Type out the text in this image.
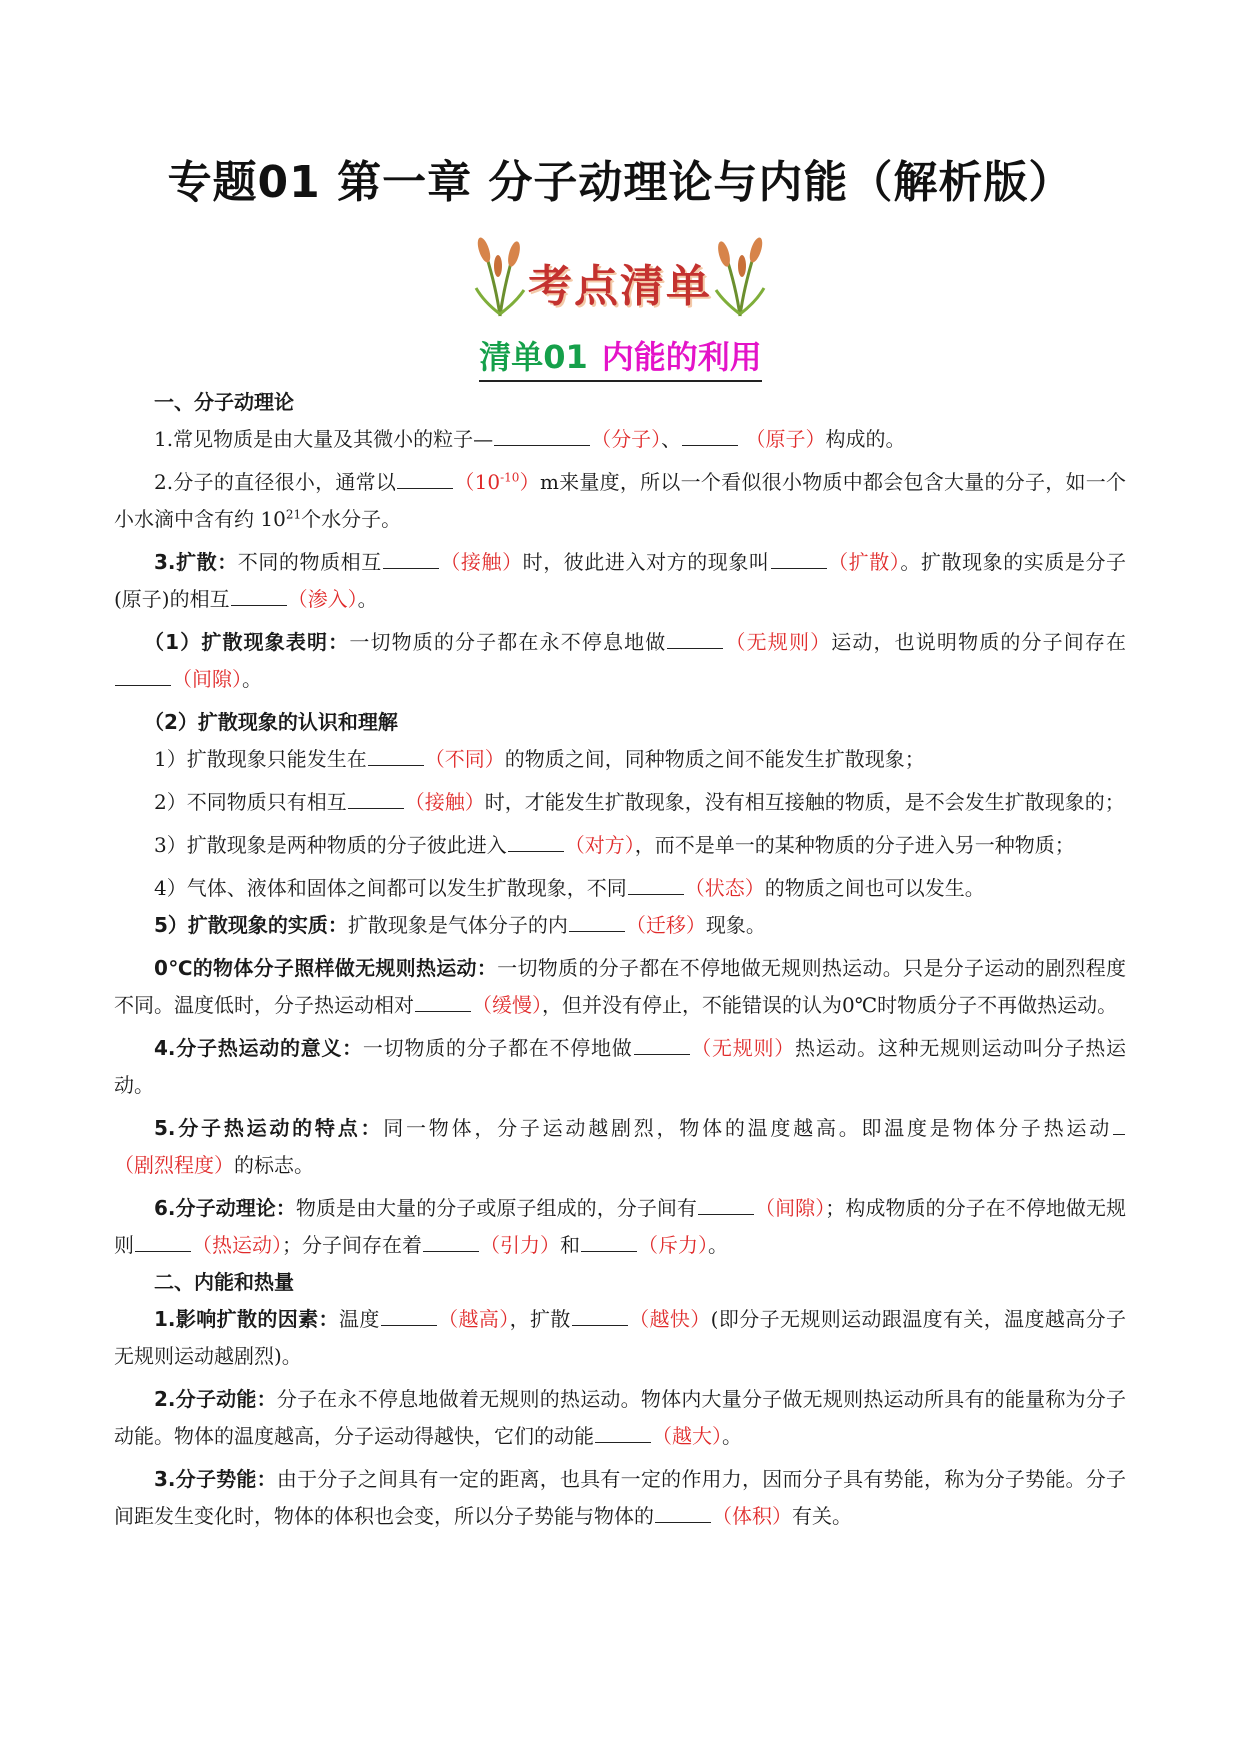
专题01 第一章 分子动理论与内能（解析版）
考点清单
清单01 内能的利用

一、分子动理论

1.常见物质是由大量及其微小的粒子—	（分子）、	（原子）构成的。

2.分子的直径很小，通常以	$(10^{-10})m$来量度，所以一个看似很小物质中都会包含大量的分子，如一个小水滴中含有约 $10^{21}$个水分子。

3.扩散：不同的物质相互	（接触）时，彼此进入对方的现象叫	（扩散）。扩散现象的实质是分子(原子)的相互	（渗入）。

（1）扩散现象表明：一切物质的分子都在永不停息地做	（无规则）运动，也说明物质的分子间存在（间隙）。

（2）扩散现象的认识和理解

1）扩散现象只能发生在	（不同）的物质之间，同种物质之间不能发生扩散现象；

2）不同物质只有相互	（接触）时，才能发生扩散现象，没有相互接触的物质，是不会发生扩散现象的；

3）扩散现象是两种物质的分子彼此进入	（对方），而不是单一的某种物质的分子进入另一种物质；

4）气体、液体和固体之间都可以发生扩散现象，不同	（状态）的物质之间也可以发生。

5）扩散现象的实质：扩散现象是气体分子的内	（迁移）现象。

0℃的物体分子照样做无规则热运动：一切物质的分子都在不停地做无规则热运动。只是分子运动的剧烈程度不同。温度低时，分子热运动相对	（缓慢），但并没有停止，不能错误的认为0℃时物质分子不再做热运动。

4.分子热运动的意义：一切物质的分子都在不停地做	（无规则）热运动。这种无规则运动叫分子热运动。

5.分子热运动的特点：同一物体，分子运动越剧烈，物体的温度越高。即温度是物体分子热运动（剧烈程度）的标志。

6.分子动理论：物质是由大量的分子或原子组成的，分子间有	（间隙）；构成物质的分子在不停地做无规则	（热运动）；分子间存在着	（引力）和	（斥力）。

二、内能和热量

1.影响扩散的因素：温度	（越高），扩散	（越快）(即分子无规则运动跟温度有关，温度越高分子无规则运动越剧烈)。

2.分子动能：分子在永不停息地做着无规则的热运动。物体内大量分子做无规则热运动所具有的能量称为分子动能。物体的温度越高，分子运动得越快，它们的动能	（越大）。

3.分子势能：由于分子之间具有一定的距离，也具有一定的作用力，因而分子具有势能，称为分子势能。分子间距发生变化时，物体的体积也会变，所以分子势能与物体的	（体积）有关。
